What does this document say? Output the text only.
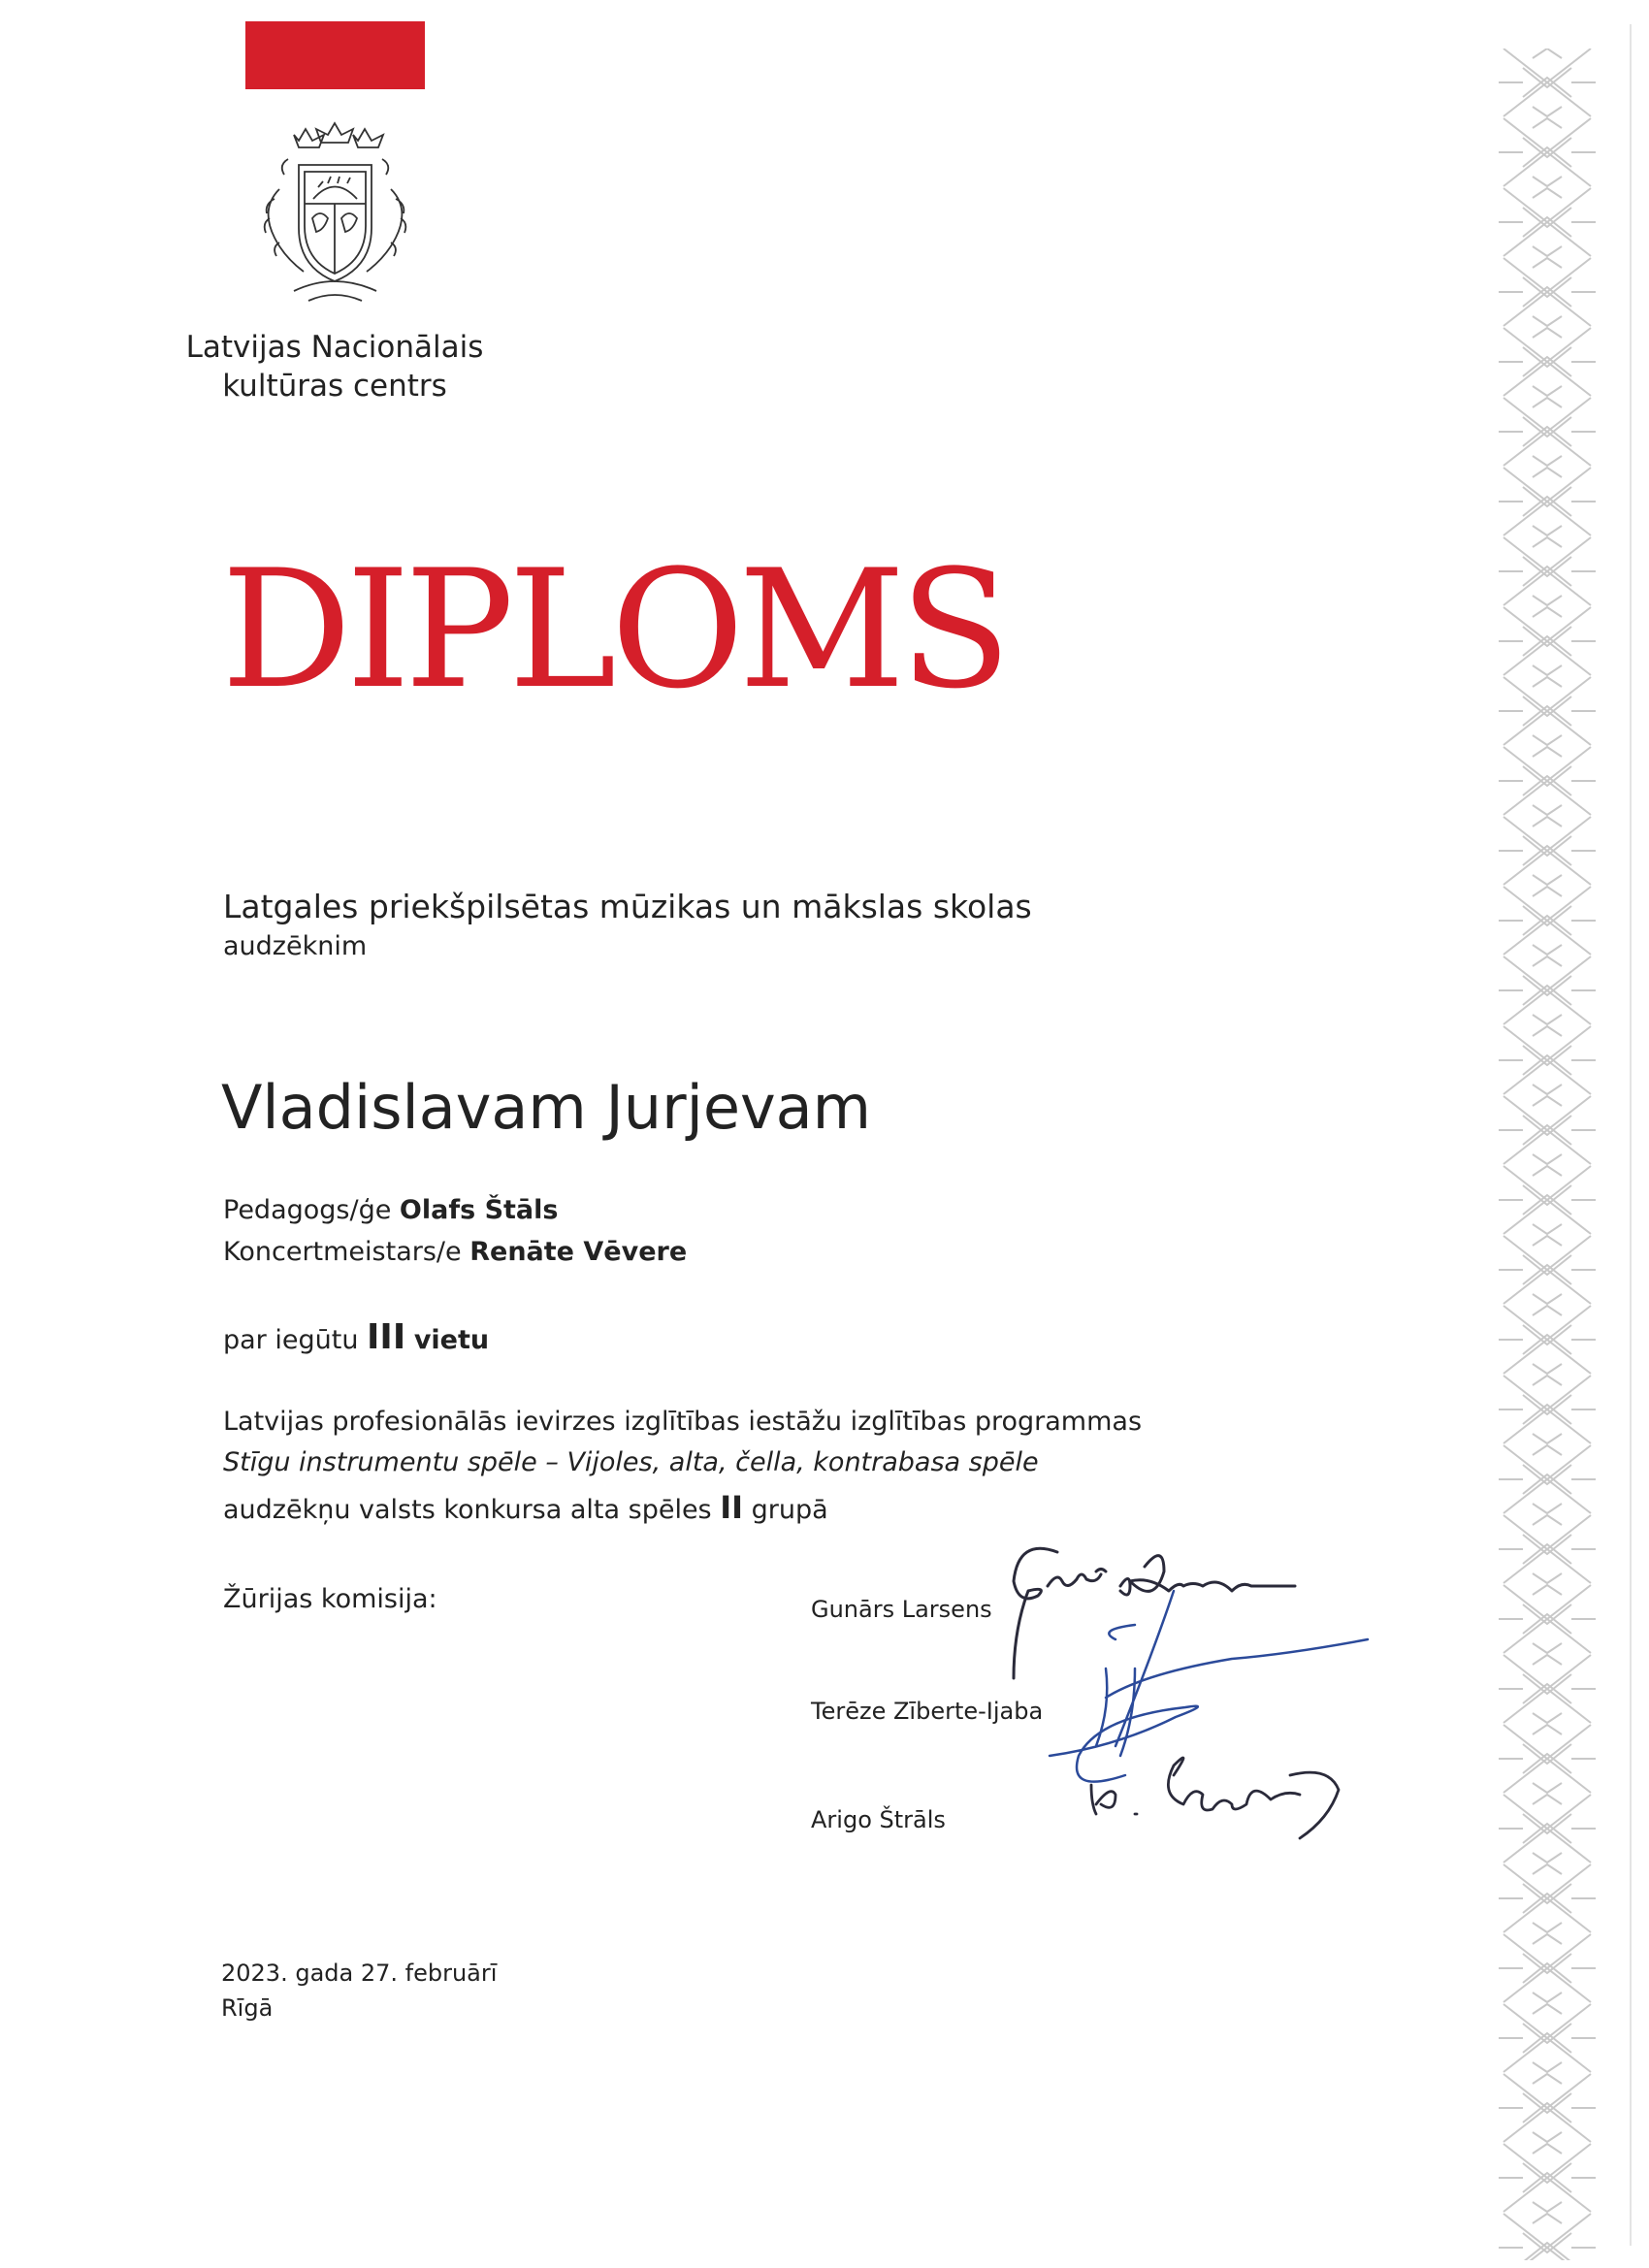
Latvijas Nacionālais
kultūras centrs
DIPLOMS
Latgales priekšpilsētas mūzikas un mākslas skolas
audzēknim
Vladislavam Jurjevam
Pedagogs/ģe Olafs Štāls
Koncertmeistars/e Renāte Vēvere
par iegūtu III vietu
Latvijas profesionālās ievirzes izglītības iestāžu izglītības programmas
Stīgu instrumentu spēle – Vijoles, alta, čella, kontrabasa spēle
audzēkņu valsts konkursa alta spēles II grupā
Žūrijas komisija:	Gunārs Larsens
Terēze Zīberte-Ijaba
Arigo Štrāls
2023. gada 27. februārī
Rīgā
